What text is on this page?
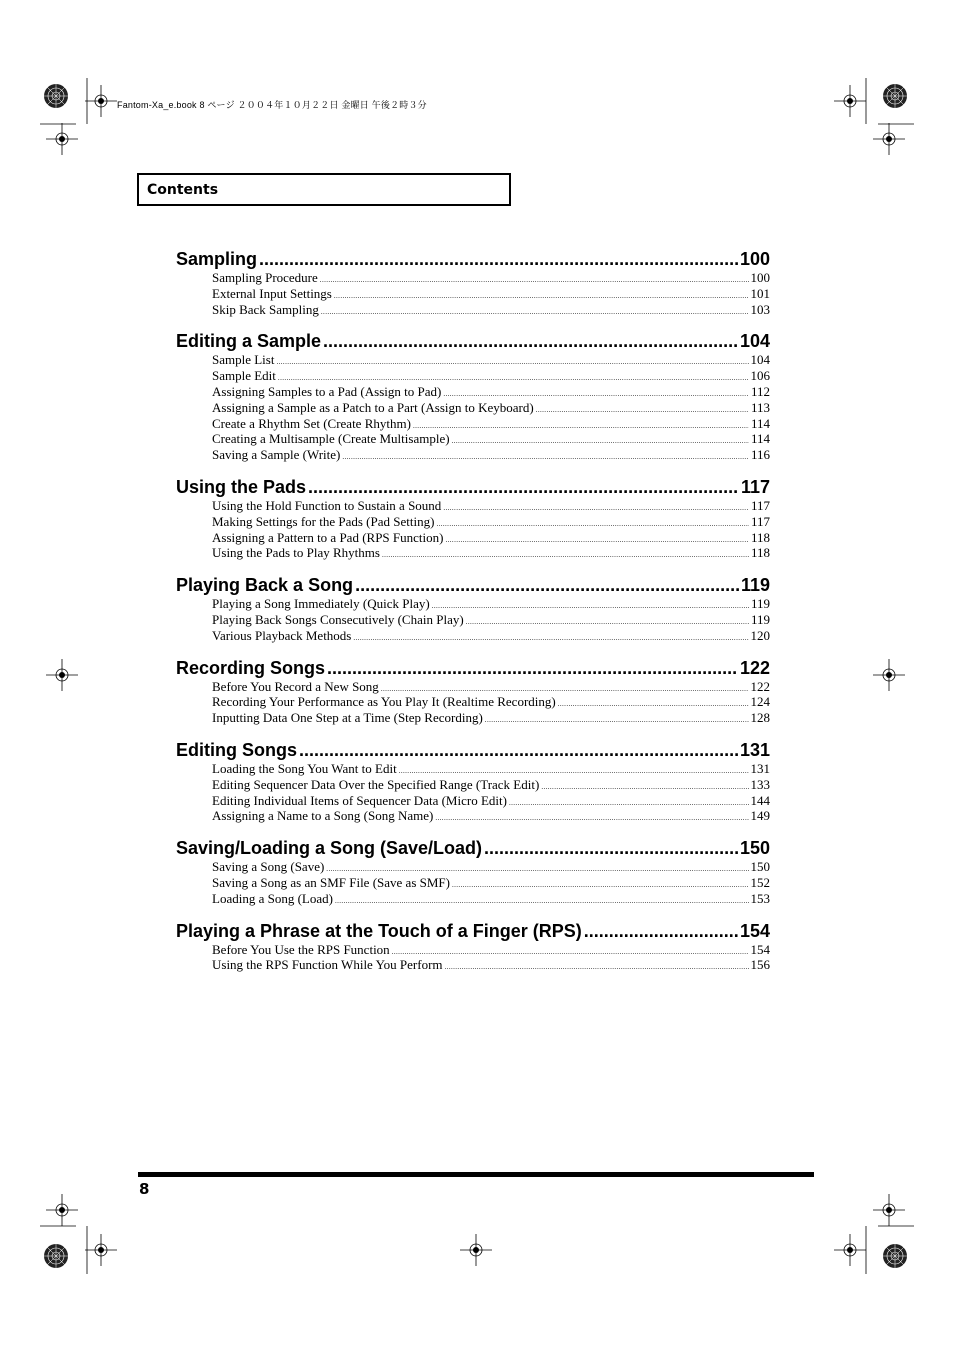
Fantom-Xa_e.book 8 ページ ２００４年１０月２２日 金曜日 午後２時３分
Contents
Sampling .....	100
Sampling Procedure .....	100
External Input Settings .....	101
Skip Back Sampling .....	103
Editing a Sample .....	104
Sample List .....	104
Sample Edit .....	106
Assigning Samples to a Pad (Assign to Pad) .....	112
Assigning a Sample as a Patch to a Part (Assign to Keyboard) .....	113
Create a Rhythm Set (Create Rhythm) .....	114
Creating a Multisample (Create Multisample) .....	114
Saving a Sample (Write) .....	116
Using the Pads .....	117
Using the Hold Function to Sustain a Sound .....	117
Making Settings for the Pads (Pad Setting) .....	117
Assigning a Pattern to a Pad (RPS Function) .....	118
Using the Pads to Play Rhythms .....	118
Playing Back a Song .....	119
Playing a Song Immediately (Quick Play) .....	119
Playing Back Songs Consecutively (Chain Play) .....	119
Various Playback Methods .....	120
Recording Songs .....	122
Before You Record a New Song .....	122
Recording Your Performance as You Play It (Realtime Recording) .....	124
Inputting Data One Step at a Time (Step Recording) .....	128
Editing Songs .....	131
Loading the Song You Want to Edit .....	131
Editing Sequencer Data Over the Specified Range (Track Edit) .....	133
Editing Individual Items of Sequencer Data (Micro Edit) .....	144
Assigning a Name to a Song (Song Name) .....	149
Saving/Loading a Song (Save/Load) .....	150
Saving a Song (Save) .....	150
Saving a Song as an SMF File (Save as SMF) .....	152
Loading a Song (Load) .....	153
Playing a Phrase at the Touch of a Finger (RPS) .....	154
Before You Use the RPS Function .....	154
Using the RPS Function While You Perform .....	156
8
